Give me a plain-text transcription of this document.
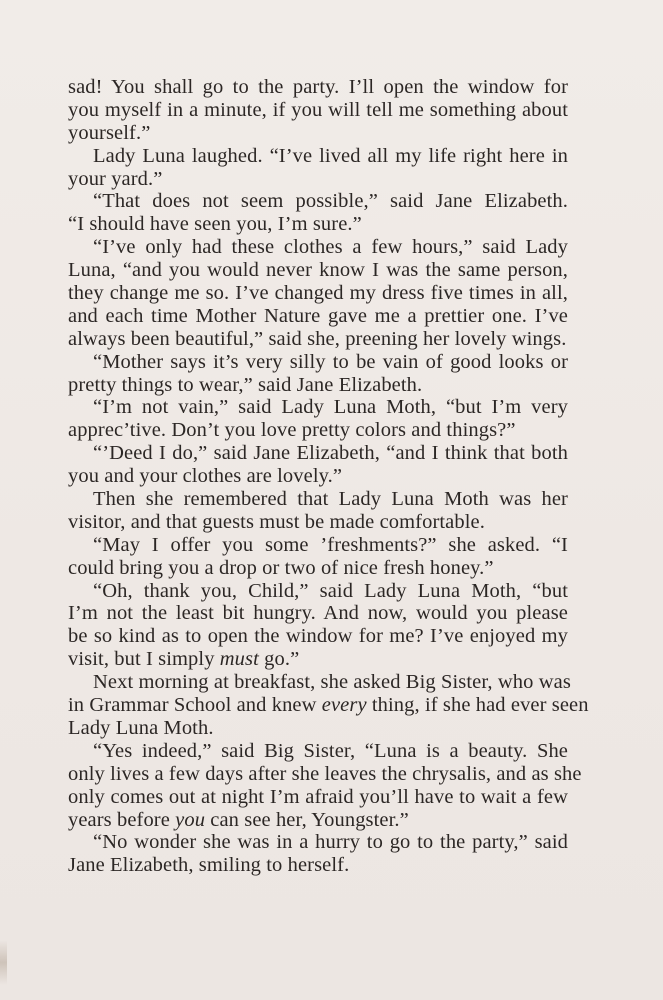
sad! You shall go to the party. I’ll open the window for
you myself in a minute, if you will tell me something about
yourself.”
Lady Luna laughed. “I’ve lived all my life right here in
your yard.”
“That does not seem possible,” said Jane Elizabeth.
“I should have seen you, I’m sure.”
“I’ve only had these clothes a few hours,” said Lady
Luna, “and you would never know I was the same person,
they change me so. I’ve changed my dress five times in all,
and each time Mother Nature gave me a prettier one. I’ve
always been beautiful,” said she, preening her lovely wings.
“Mother says it’s very silly to be vain of good looks or
pretty things to wear,” said Jane Elizabeth.
“I’m not vain,” said Lady Luna Moth, “but I’m very
apprec’tive. Don’t you love pretty colors and things?”
“’Deed I do,” said Jane Elizabeth, “and I think that both
you and your clothes are lovely.”
Then she remembered that Lady Luna Moth was her
visitor, and that guests must be made comfortable.
“May I offer you some ’freshments?” she asked. “I
could bring you a drop or two of nice fresh honey.”
“Oh, thank you, Child,” said Lady Luna Moth, “but
I’m not the least bit hungry. And now, would you please
be so kind as to open the window for me? I’ve enjoyed my
visit, but I simply must go.”
Next morning at breakfast, she asked Big Sister, who was
in Grammar School and knew every thing, if she had ever seen
Lady Luna Moth.
“Yes indeed,” said Big Sister, “Luna is a beauty. She
only lives a few days after she leaves the chrysalis, and as she
only comes out at night I’m afraid you’ll have to wait a few
years before you can see her, Youngster.”
“No wonder she was in a hurry to go to the party,” said
Jane Elizabeth, smiling to herself.
